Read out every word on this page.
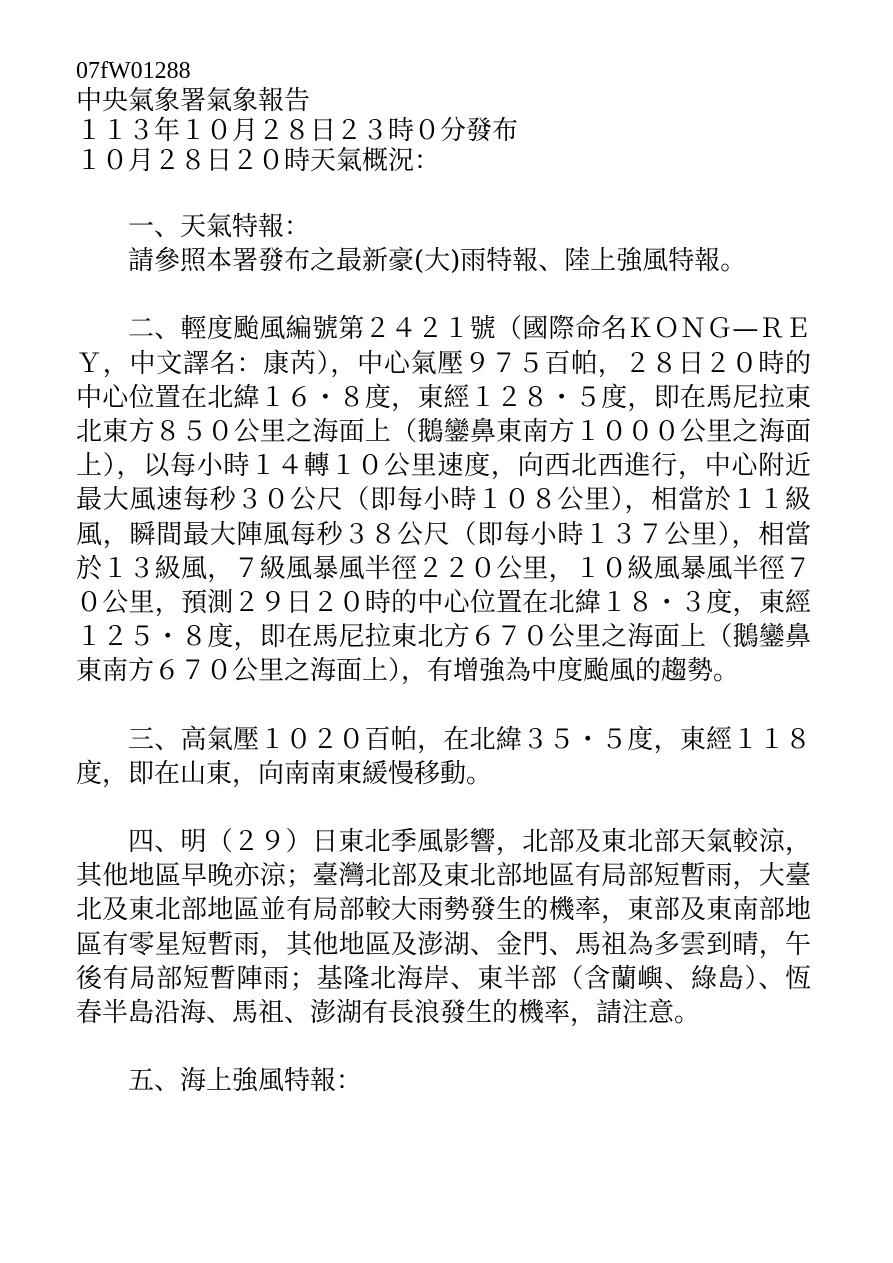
07fW01288

中央氣象署氣象報告

１１３年１０月２８日２３時０分發布

１０月２８日２０時天氣概況：

一、天氣特報：

請參照本署發布之最新豪(大)雨特報、陸上強風特報。

二、輕度颱風編號第２４２１號（國際命名ＫＯＮＧ—ＲＥＹ，中文譯名：康芮），中心氣壓９７５百帕，２８日２０時的中心位置在北緯１６・８度，東經１２８・５度，即在馬尼拉東北東方８５０公里之海面上（鵝鑾鼻東南方１０００公里之海面上），以每小時１４轉１０公里速度，向西北西進行，中心附近最大風速每秒３０公尺（即每小時１０８公里），相當於１１級風，瞬間最大陣風每秒３８公尺（即每小時１３７公里），相當於１３級風，７級風暴風半徑２２０公里，１０級風暴風半徑７０公里，預測２９日２０時的中心位置在北緯１８・３度，東經１２５・８度，即在馬尼拉東北方６７０公里之海面上（鵝鑾鼻東南方６７０公里之海面上），有增強為中度颱風的趨勢。

三、高氣壓１０２０百帕，在北緯３５・５度，東經１１８度，即在山東，向南南東緩慢移動。

四、明（２９）日東北季風影響，北部及東北部天氣較涼，其他地區早晚亦涼；臺灣北部及東北部地區有局部短暫雨，大臺北及東北部地區並有局部較大雨勢發生的機率，東部及東南部地區有零星短暫雨，其他地區及澎湖、金門、馬祖為多雲到晴，午後有局部短暫陣雨；基隆北海岸、東半部（含蘭嶼、綠島）、恆春半島沿海、馬祖、澎湖有長浪發生的機率，請注意。

五、海上強風特報：
